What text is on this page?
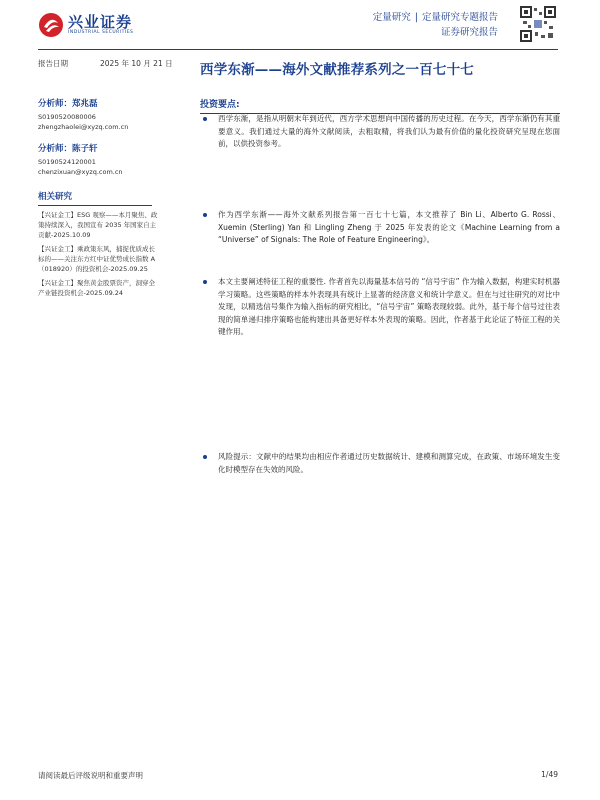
兴业证券
INDUSTRIAL SECURITIES
定量研究 | 定量研究专题报告
证券研究报告
报告日期	2025 年 10 月 21 日
分析师：郑兆磊
S0190520080006
zhengzhaolei@xyzq.com.cn
分析师：陈子轩
S0190524120001
chenzixuan@xyzq.com.cn
相关研究
【兴证金工】ESG 观察——本月聚焦、政策持续深入，我国宣布 2035 年国家自主贡献-2025.10.09
【兴证金工】乘政策东风，捕捉优质成长标的——关注东方红中证优势成长指数 A（018920）的投资机会-2025.09.25
【兴证金工】聚焦黄金股票资产，洞穿全产业链投资机会-2025.09.24
西学东渐——海外文献推荐系列之一百七十七
投资要点:
西学东渐，是指从明朝末年到近代，西方学术思想向中国传播的历史过程。在今天，西学东渐仍有其重要意义。我们通过大量的海外文献阅读，去粗取精，将我们认为最有价值的量化投资研究呈现在您面前，以供投资参考。
作为西学东渐——海外文献系列报告第一百七十七篇，本文推荐了 Bin Li、Alberto G. Rossi、Xuemin (Sterling) Yan 和 Lingling Zheng 于 2025 年发表的论文《Machine Learning from a “Universe” of Signals: The Role of Feature Engineering》。
本文主要阐述特征工程的重要性. 作者首先以海量基本信号的 “信号宇宙” 作为输入数据，构建实时机器学习策略。这些策略的样本外表现具有统计上显著的经济意义和统计学意义。但在与过往研究的对比中发现，以精选信号集作为输入指标的研究相比，“信号宇宙” 策略表现较弱。此外，基于每个信号过往表现的简单递归排序策略也能构建出具备更好样本外表现的策略。因此，作者基于此论证了特征工程的关键作用。
风险提示：文献中的结果均由相应作者通过历史数据统计、建模和测算完成，在政策、市场环境发生变化时模型存在失效的风险。
请阅读最后评级说明和重要声明	1/49
